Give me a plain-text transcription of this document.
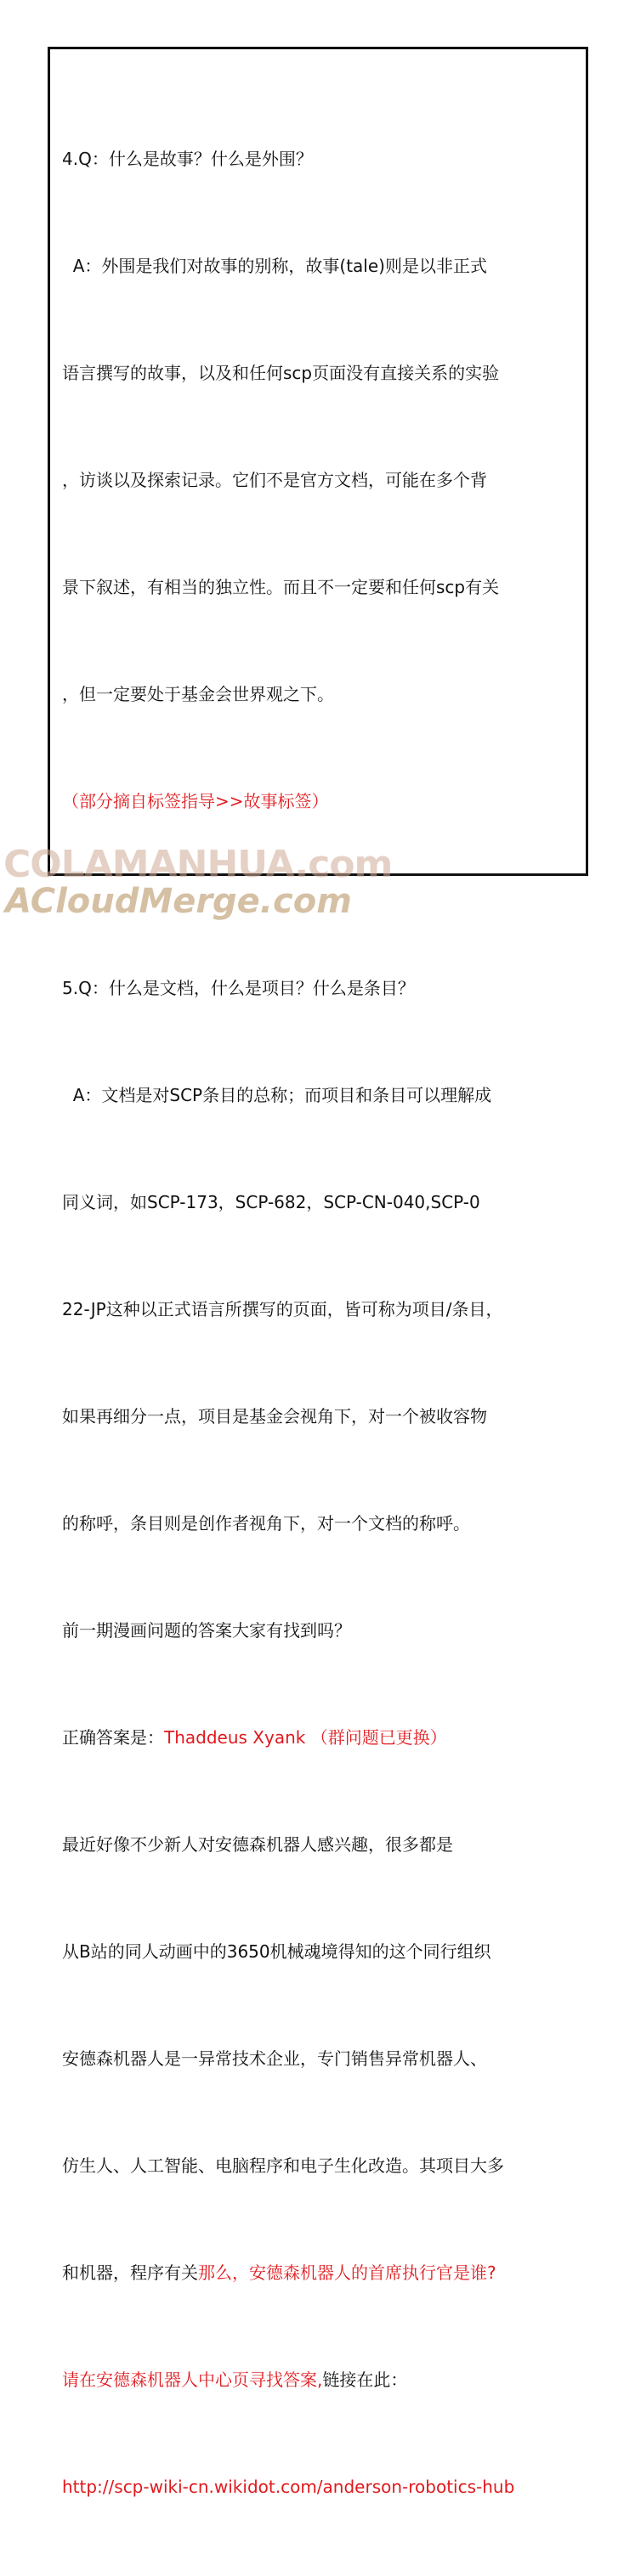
4.Q：什么是故事？什么是外围？

A：外围是我们对故事的别称，故事(tale)则是以非正式

语言撰写的故事，以及和任何scp页面没有直接关系的实验

，访谈以及探索记录。它们不是官方文档，可能在多个背

景下叙述，有相当的独立性。而且不一定要和任何scp有关

，但一定要处于基金会世界观之下。

（部分摘自标签指导>>故事标签）

5.Q：什么是文档，什么是项目？什么是条目？

A：文档是对SCP条目的总称；而项目和条目可以理解成

同义词，如SCP-173，SCP-682，SCP-CN-040,SCP-0

22-JP这种以正式语言所撰写的页面，皆可称为项目/条目，

如果再细分一点，项目是基金会视角下，对一个被收容物

的称呼，条目则是创作者视角下，对一个文档的称呼。

前一期漫画问题的答案大家有找到吗？

正确答案是：Thaddeus Xyank （群问题已更换）

最近好像不少新人对安德森机器人感兴趣，很多都是

从B站的同人动画中的3650机械魂境得知的这个同行组织

安德森机器人是一异常技术企业，专门销售异常机器人、

仿生人、人工智能、电脑程序和电子生化改造。其项目大多

和机器，程序有关那么，安德森机器人的首席执行官是谁?

请在安德森机器人中心页寻找答案,链接在此：

http://scp-wiki-cn.wikidot.com/anderson-robotics-hub

COLAMANHUA.com
ACloudMerge.com
